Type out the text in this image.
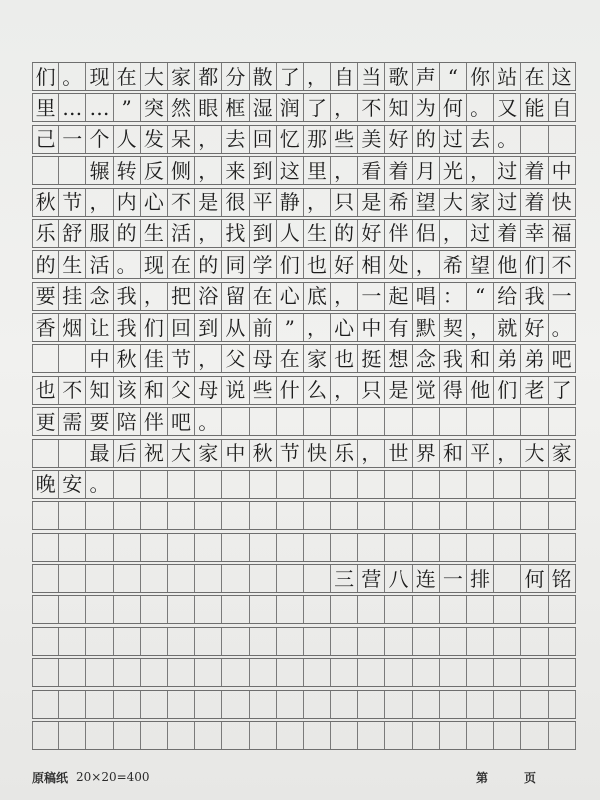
们 。 现 在 大 家 都 分 散 了 ， 自 当 歌 声 “ 你 站 在 这
里 … … ” 突 然 眼 框 湿 润 了 ， 不 知 为 何 。 又 能 自
己 一 个 人 发 呆 ， 去 回 忆 那 些 美 好 的 过 去 。
辗 转 反 侧 ， 来 到 这 里 ， 看 着 月 光 ， 过 着 中
秋 节 ， 内 心 不 是 很 平 静 ， 只 是 希 望 大 家 过 着 快
乐 舒 服 的 生 活 ， 找 到 人 生 的 好 伴 侣 ， 过 着 幸 福
的 生 活 。 现 在 的 同 学 们 也 好 相 处 ， 希 望 他 们 不
要 挂 念 我 ， 把 浴 留 在 心 底 ， 一 起 唱 ： “ 给 我 一
香 烟 让 我 们 回 到 从 前 ” ， 心 中 有 默 契 ， 就 好 。
中 秋 佳 节 ， 父 母 在 家 也 挺 想 念 我 和 弟 弟 吧
也 不 知 该 和 父 母 说 些 什 么 ， 只 是 觉 得 他 们 老 了
更 需 要 陪 伴 吧 。
最 后 祝 大 家 中 秋 节 快 乐 ， 世 界 和 平 ， 大 家
晚 安 。
三 营 八 连 一 排 何 铭
原稿纸 20×20=400	第	页
